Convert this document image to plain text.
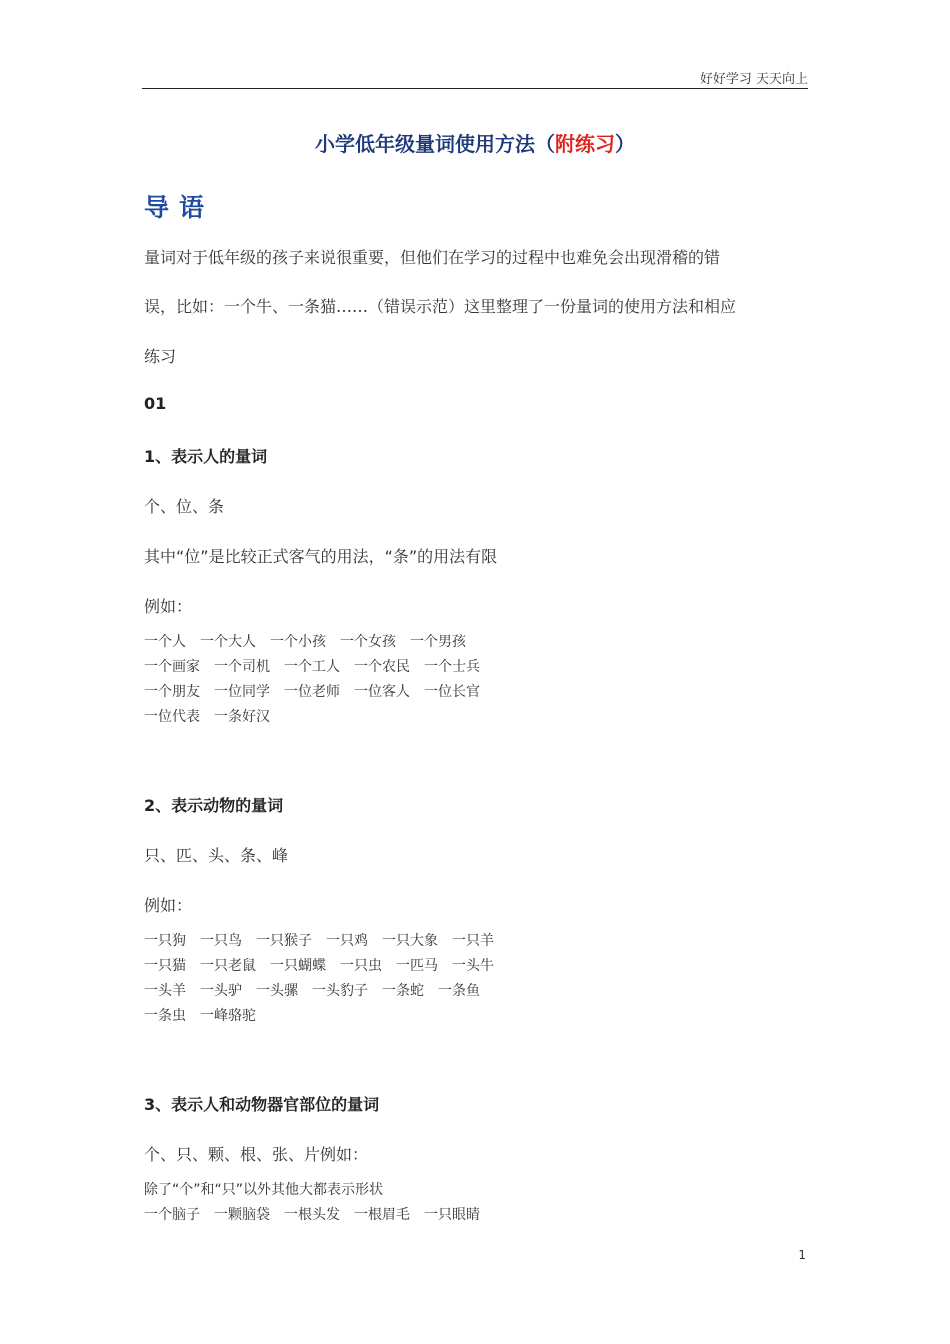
好好学习 天天向上
小学低年级量词使用方法（附练习）
导语
量词对于低年级的孩子来说很重要，但他们在学习的过程中也难免会出现滑稽的错
误，比如：一个牛、一条猫……（错误示范）这里整理了一份量词的使用方法和相应
练习
01
1、表示人的量词
个、位、条
其中“位”是比较正式客气的用法，“条”的用法有限
例如：
一个人　一个大人　一个小孩　一个女孩　一个男孩
一个画家　一个司机　一个工人　一个农民　一个士兵
一个朋友　一位同学　一位老师　一位客人　一位长官
一位代表　一条好汉
2、表示动物的量词
只、匹、头、条、峰
例如：
一只狗　一只鸟　一只猴子　一只鸡　一只大象　一只羊
一只猫　一只老鼠　一只蝴蝶　一只虫　一匹马　一头牛
一头羊　一头驴　一头骡　一头豹子　一条蛇　一条鱼
一条虫　一峰骆驼
3、表示人和动物器官部位的量词
个、只、颗、根、张、片例如：
除了“个”和“只”以外其他大都表示形状
一个脑子　一颗脑袋　一根头发　一根眉毛　一只眼睛
1
